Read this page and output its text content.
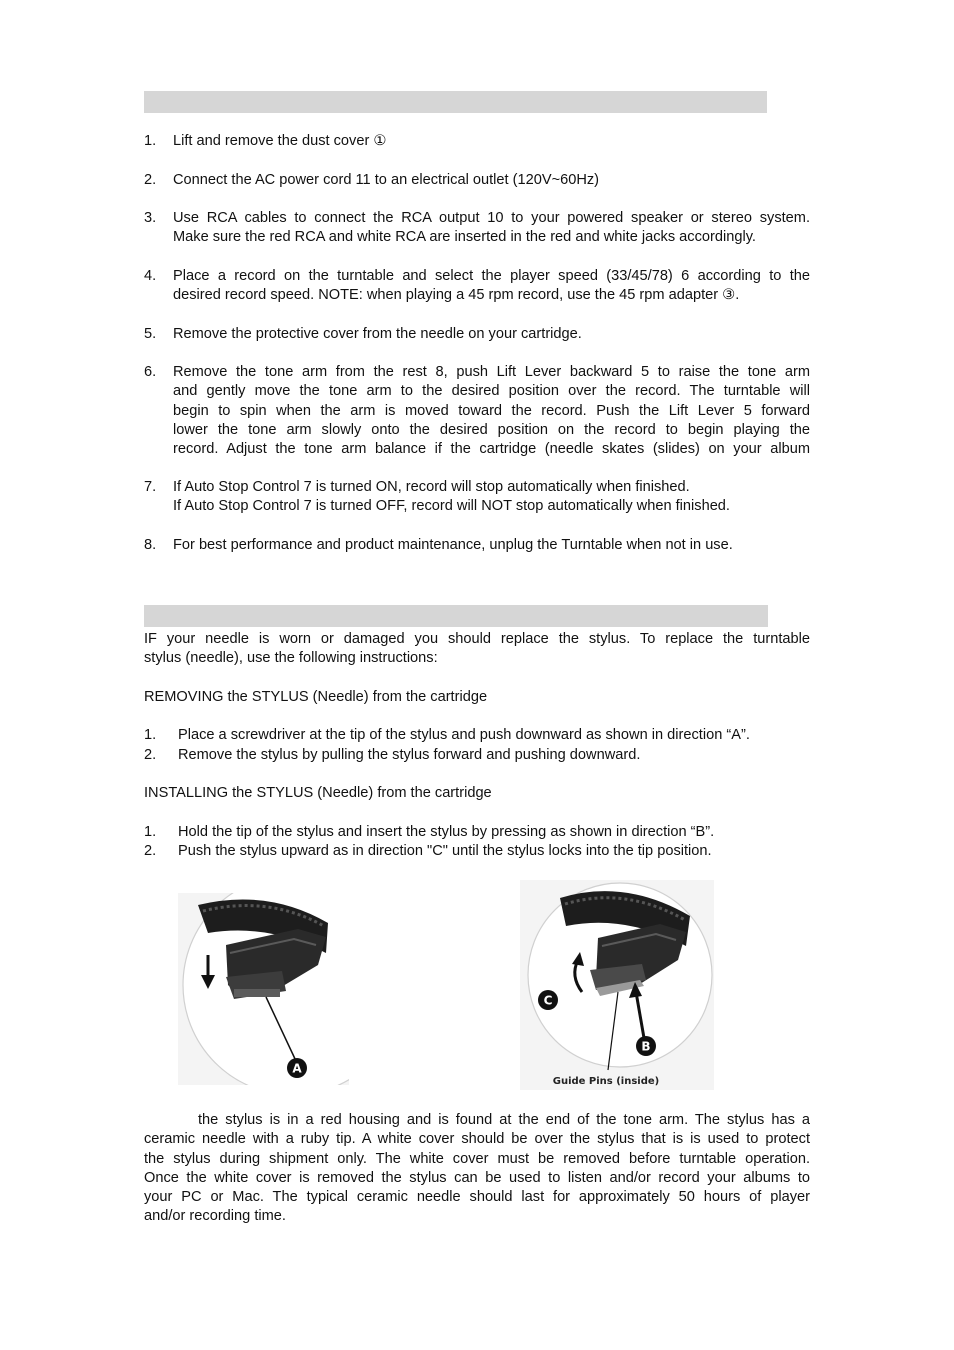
1. Lift and remove the dust cover ①
2. Connect the AC power cord 11 to an electrical outlet (120V~60Hz)
3. Use RCA cables to connect the RCA output 10 to your powered speaker or stereo system.
Make sure the red RCA and white RCA are inserted in the red and white jacks accordingly.
4. Place a record on the turntable and select the player speed (33/45/78) 6 according to the
desired record speed. NOTE: when playing a 45 rpm record, use the 45 rpm adapter ③.
5. Remove the protective cover from the needle on your cartridge.
6. Remove the tone arm from the rest 8, push Lift Lever backward 5 to raise the tone arm
and gently move the tone arm to the desired position over the record. The turntable will
begin to spin when the arm is moved toward the record. Push the Lift Lever 5 forward
lower the tone arm slowly onto the desired position on the record to begin playing the
record. Adjust the tone arm balance if the cartridge (needle skates (slides) on your album
7. If Auto Stop Control 7 is turned ON, record will stop automatically when finished.
If Auto Stop Control 7 is turned OFF, record will NOT stop automatically when finished.
8. For best performance and product maintenance, unplug the Turntable when not in use.
IF your needle is worn or damaged you should replace the stylus. To replace the turntable
stylus (needle), use the following instructions:
REMOVING the STYLUS (Needle) from the cartridge
1. Place a screwdriver at the tip of the stylus and push downward as shown in direction “A”.
2. Remove the stylus by pulling the stylus forward and pushing downward.
INSTALLING the STYLUS (Needle) from the cartridge
1. Hold the tip of the stylus and insert the stylus by pressing as shown in direction “B”.
2. Push the stylus upward as in direction "C" until the stylus locks into the tip position.
A
C
B
Guide Pins (inside)
the stylus is in a red housing and is found at the end of the tone arm. The stylus has a
ceramic needle with a ruby tip. A white cover should be over the stylus that is is used to protect
the stylus during shipment only. The white cover must be removed before turntable operation.
Once the white cover is removed the stylus can be used to listen and/or record your albums to
your PC or Mac. The typical ceramic needle should last for approximately 50 hours of player
and/or recording time.
